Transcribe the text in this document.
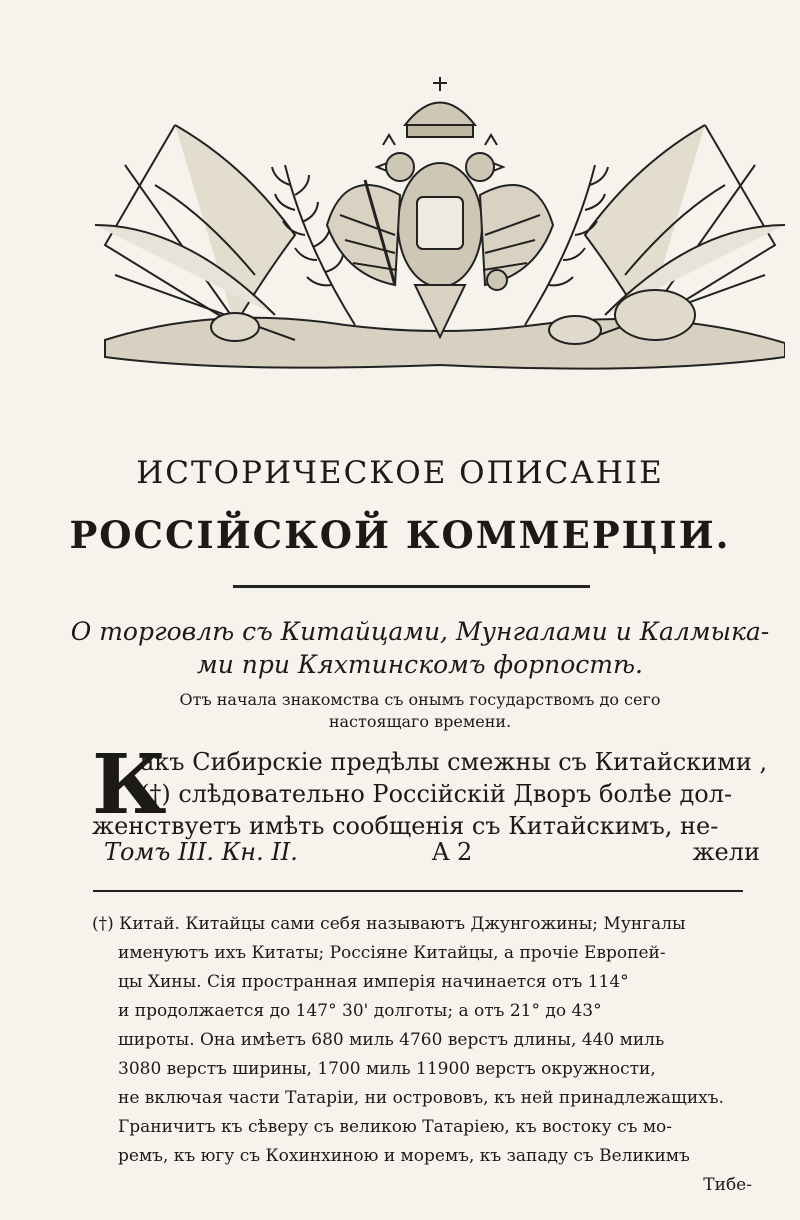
ИСТОРИЧЕСКОЕ ОПИСАНІЕ
РОССІЙСКОЙ КОММЕРЦІИ.
О торговлѣ съ Китайцами, Мунгалами и Калмыка-
ми при Кяхтинскомъ форпостѣ.
Отъ начала знакомства съ онымъ государствомъ до сего
настоящаго времени.
К
акъ Сибирскіе предѣлы смежны съ Китайскими ,
(†) слѣдовательно Россійскій Дворъ болѣе дол-
женствуетъ имѣть сообщенія съ Китайскимъ, не-
Томъ III. Кн. II.	A 2	жели
(†) Китай. Китайцы сами себя называютъ Джунгожины; Мунгалы
именуютъ ихъ Китаты; Россіяне Китайцы, а прочіе Европей-
цы Хины. Сія пространная имперія начинается отъ 114°
и продолжается до 147° 30' долготы; а отъ 21° до 43°
широты. Она имѣетъ 680 миль 4760 верстъ длины, 440 миль
3080 верстъ ширины, 1700 миль 11900 верстъ окружности,
не включая части Татаріи, ни острововъ, къ ней принадлежащихъ.
Граничитъ къ сѣверу съ великою Татаріею, къ востоку съ мо-
ремъ, къ югу съ Кохинхиною и моремъ, къ западу съ Великимъ
Тибе-
